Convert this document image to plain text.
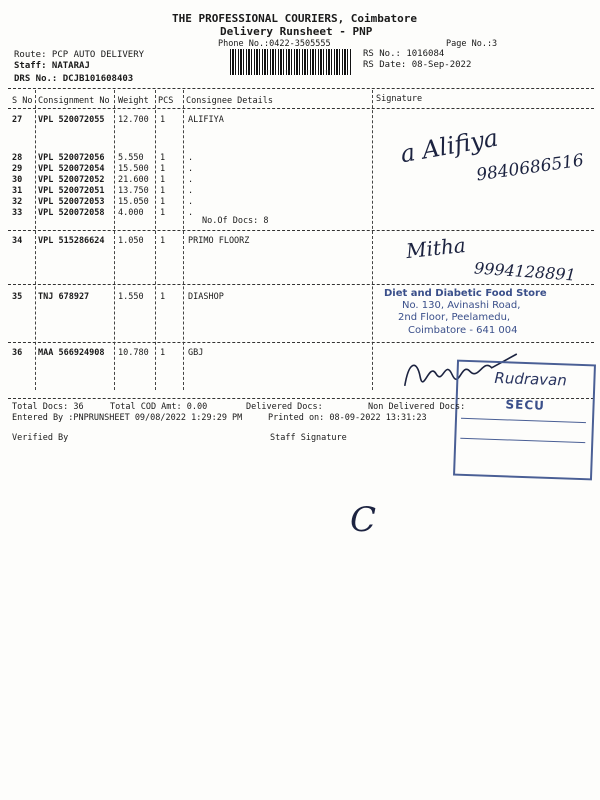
THE PROFESSIONAL COURIERS, Coimbatore
Delivery Runsheet - PNP
Phone No.:0422-3505555	Page No.:3
Route: PCP AUTO DELIVERY
Staff: NATARAJ
DRS No.: DCJB101608403
RS No.: 1016084
RS Date: 08-Sep-2022
S No Consignment No Weight PCS Consignee Details	Signature
27 VPL 520072055 12.700 1	ALIFIYA
28 VPL 520072056 5.550 1	.
29 VPL 520072054 15.500 1	.
30 VPL 520072052 21.600 1	.
31 VPL 520072051 13.750 1	.
32 VPL 520072053 15.050 1	.
33 VPL 520072058 4.000 1	.
34 VPL 515286624 1.050 1	PRIMO FLOORZ
35 TNJ 678927	1.550 1	DIASHOP
36 MAA 566924908 10.780 1	GBJ
No.Of Docs: 8
a Alifiya
9840686516
Mitha
9994128891
C
Diet and Diabetic Food Store
No. 130, Avinashi Road,
2nd Floor, Peelamedu,
Coimbatore - 641 004
Rudravan
SECU
Total Docs: 36	Total COD Amt: 0.00	Delivered Docs:	Non Delivered Docs:
Entered By :PNPRUNSHEET 09/08/2022 1:29:29 PM	Printed on: 08-09-2022 13:31:23
Verified By	Staff Signature
